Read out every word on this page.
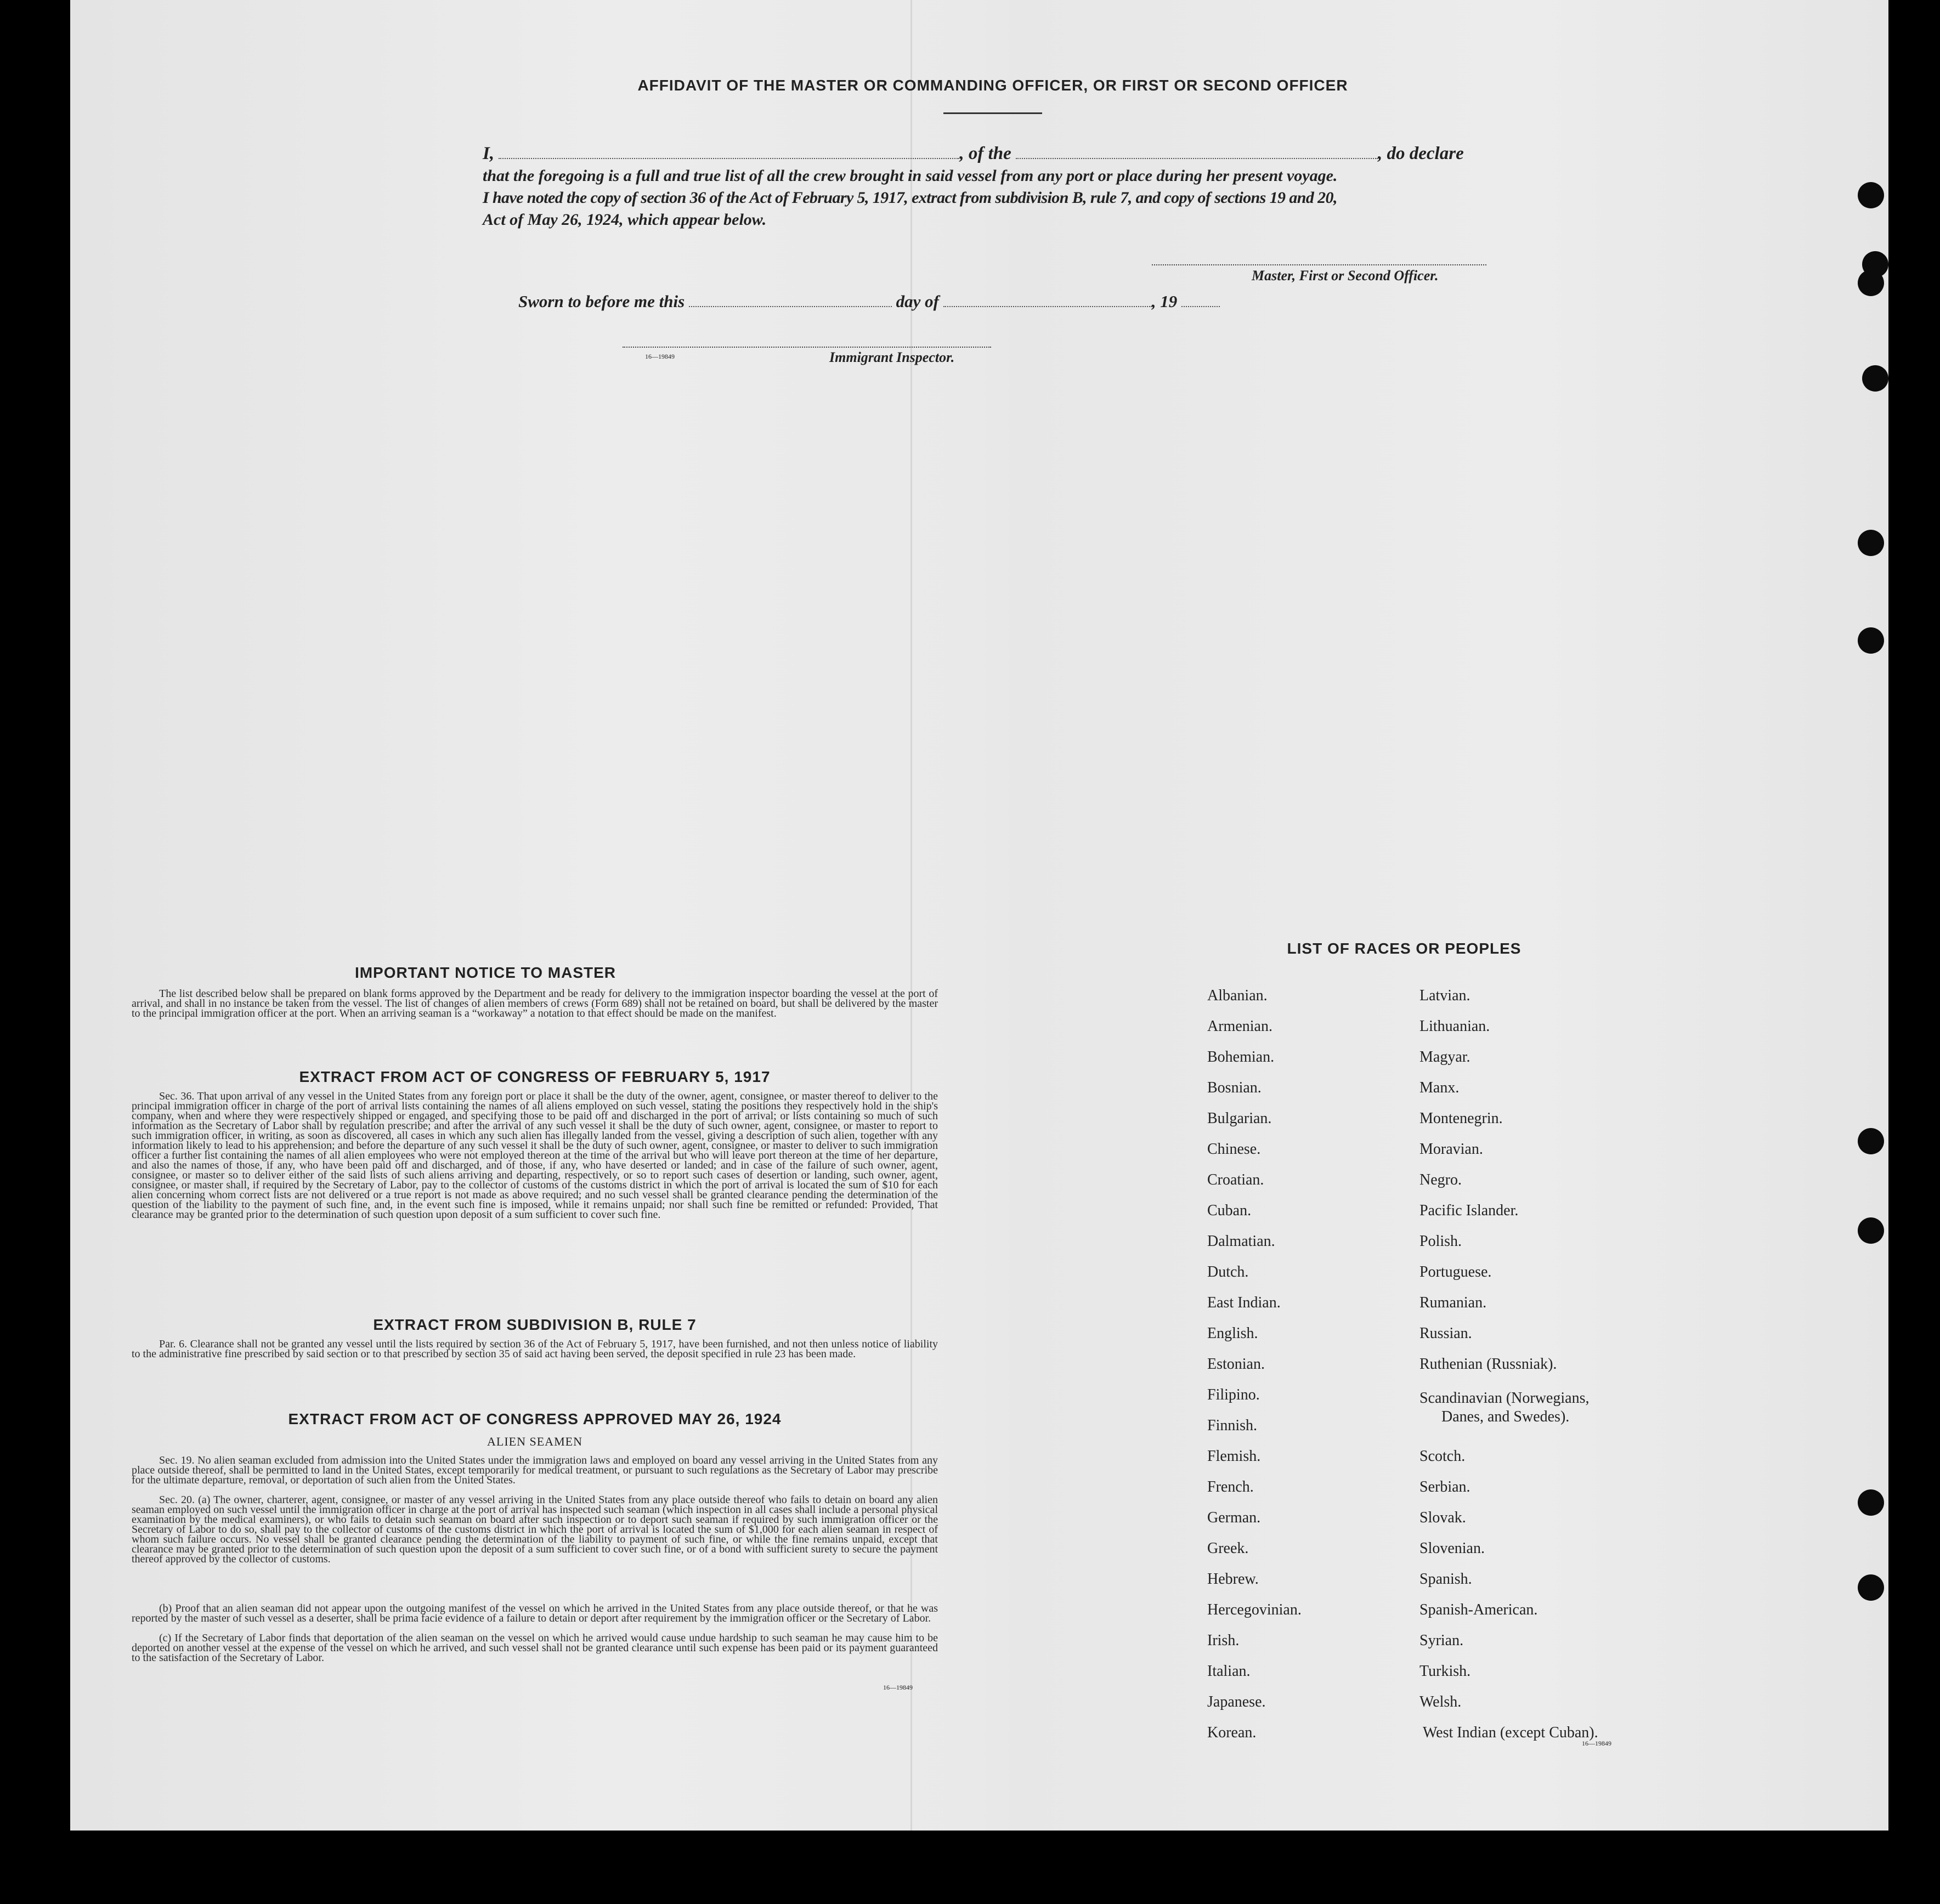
AFFIDAVIT OF THE MASTER OR COMMANDING OFFICER, OR FIRST OR SECOND OFFICER
I,	, of the	, do declare
that the foregoing is a full and true list of all the crew brought in said vessel from any port or place during her present voyage.
I have noted the copy of section 36 of the Act of February 5, 1917, extract from subdivision B, rule 7, and copy of sections 19 and 20,
Act of May 26, 1924, which appear below.
Master, First or Second Officer.
Sworn to before me this	day of	, 19
16—19849	Immigrant Inspector.
IMPORTANT NOTICE TO MASTER
The list described below shall be prepared on blank forms approved by the Department and be ready for delivery to the immigration inspector boarding the vessel at the port of arrival, and shall in no instance be taken from the vessel. The list of changes of alien members of crews (Form 689) shall not be retained on board, but shall be delivered by the master to the principal immigration officer at the port. When an arriving seaman is a “workaway” a notation to that effect should be made on the manifest.
EXTRACT FROM ACT OF CONGRESS OF FEBRUARY 5, 1917
Sec. 36. That upon arrival of any vessel in the United States from any foreign port or place it shall be the duty of the owner, agent, consignee, or master thereof to deliver to the principal immigration officer in charge of the port of arrival lists containing the names of all aliens employed on such vessel, stating the positions they respectively hold in the ship's company, when and where they were respectively shipped or engaged, and specifying those to be paid off and discharged in the port of arrival; or lists containing so much of such information as the Secretary of Labor shall by regulation prescribe; and after the arrival of any such vessel it shall be the duty of such owner, agent, consignee, or master to report to such immigration officer, in writing, as soon as discovered, all cases in which any such alien has illegally landed from the vessel, giving a description of such alien, together with any information likely to lead to his apprehension; and before the departure of any such vessel it shall be the duty of such owner, agent, consignee, or master to deliver to such immigration officer a further list containing the names of all alien employees who were not employed thereon at the time of the arrival but who will leave port thereon at the time of her departure, and also the names of those, if any, who have been paid off and discharged, and of those, if any, who have deserted or landed; and in case of the failure of such owner, agent, consignee, or master so to deliver either of the said lists of such aliens arriving and departing, respectively, or so to report such cases of desertion or landing, such owner, agent, consignee, or master shall, if required by the Secretary of Labor, pay to the collector of customs of the customs district in which the port of arrival is located the sum of $10 for each alien concerning whom correct lists are not delivered or a true report is not made as above required; and no such vessel shall be granted clearance pending the determination of the question of the liability to the payment of such fine, and, in the event such fine is imposed, while it remains unpaid; nor shall such fine be remitted or refunded: Provided, That clearance may be granted prior to the determination of such question upon deposit of a sum sufficient to cover such fine.
EXTRACT FROM SUBDIVISION B, RULE 7
Par. 6. Clearance shall not be granted any vessel until the lists required by section 36 of the Act of February 5, 1917, have been furnished, and not then unless notice of liability to the administrative fine prescribed by said section or to that prescribed by section 35 of said act having been served, the deposit specified in rule 23 has been made.
EXTRACT FROM ACT OF CONGRESS APPROVED MAY 26, 1924
ALIEN SEAMEN
Sec. 19. No alien seaman excluded from admission into the United States under the immigration laws and employed on board any vessel arriving in the United States from any place outside thereof, shall be permitted to land in the United States, except temporarily for medical treatment, or pursuant to such regulations as the Secretary of Labor may prescribe for the ultimate departure, removal, or deportation of such alien from the United States.
Sec. 20. (a) The owner, charterer, agent, consignee, or master of any vessel arriving in the United States from any place outside thereof who fails to detain on board any alien seaman employed on such vessel until the immigration officer in charge at the port of arrival has inspected such seaman (which inspection in all cases shall include a personal physical examination by the medical examiners), or who fails to detain such seaman on board after such inspection or to deport such seaman if required by such immigration officer or the Secretary of Labor to do so, shall pay to the collector of customs of the customs district in which the port of arrival is located the sum of $1,000 for each alien seaman in respect of whom such failure occurs. No vessel shall be granted clearance pending the determination of the liability to payment of such fine, or while the fine remains unpaid, except that clearance may be granted prior to the determination of such question upon the deposit of a sum sufficient to cover such fine, or of a bond with sufficient surety to secure the payment thereof approved by the collector of customs.
(b) Proof that an alien seaman did not appear upon the outgoing manifest of the vessel on which he arrived in the United States from any place outside thereof, or that he was reported by the master of such vessel as a deserter, shall be prima facie evidence of a failure to detain or deport after requirement by the immigration officer or the Secretary of Labor.
(c) If the Secretary of Labor finds that deportation of the alien seaman on the vessel on which he arrived would cause undue hardship to such seaman he may cause him to be deported on another vessel at the expense of the vessel on which he arrived, and such vessel shall not be granted clearance until such expense has been paid or its payment guaranteed to the satisfaction of the Secretary of Labor.
16—19849
LIST OF RACES OR PEOPLES
Albanian.
Armenian.
Bohemian.
Bosnian.
Bulgarian.
Chinese.
Croatian.
Cuban.
Dalmatian.
Dutch.
East Indian.
English.
Estonian.
Filipino.
Finnish.
Flemish.
French.
German.
Greek.
Hebrew.
Hercegovinian.
Irish.
Italian.
Japanese.
Korean.
Latvian.
Lithuanian.
Magyar.
Manx.
Montenegrin.
Moravian.
Negro.
Pacific Islander.
Polish.
Portuguese.
Rumanian.
Russian.
Ruthenian (Russniak).
Scandinavian (Norwegians,
Danes, and Swedes).
Scotch.
Serbian.
Slovak.
Slovenian.
Spanish.
Spanish-American.
Syrian.
Turkish.
Welsh.
West Indian (except Cuban).
16—19849
